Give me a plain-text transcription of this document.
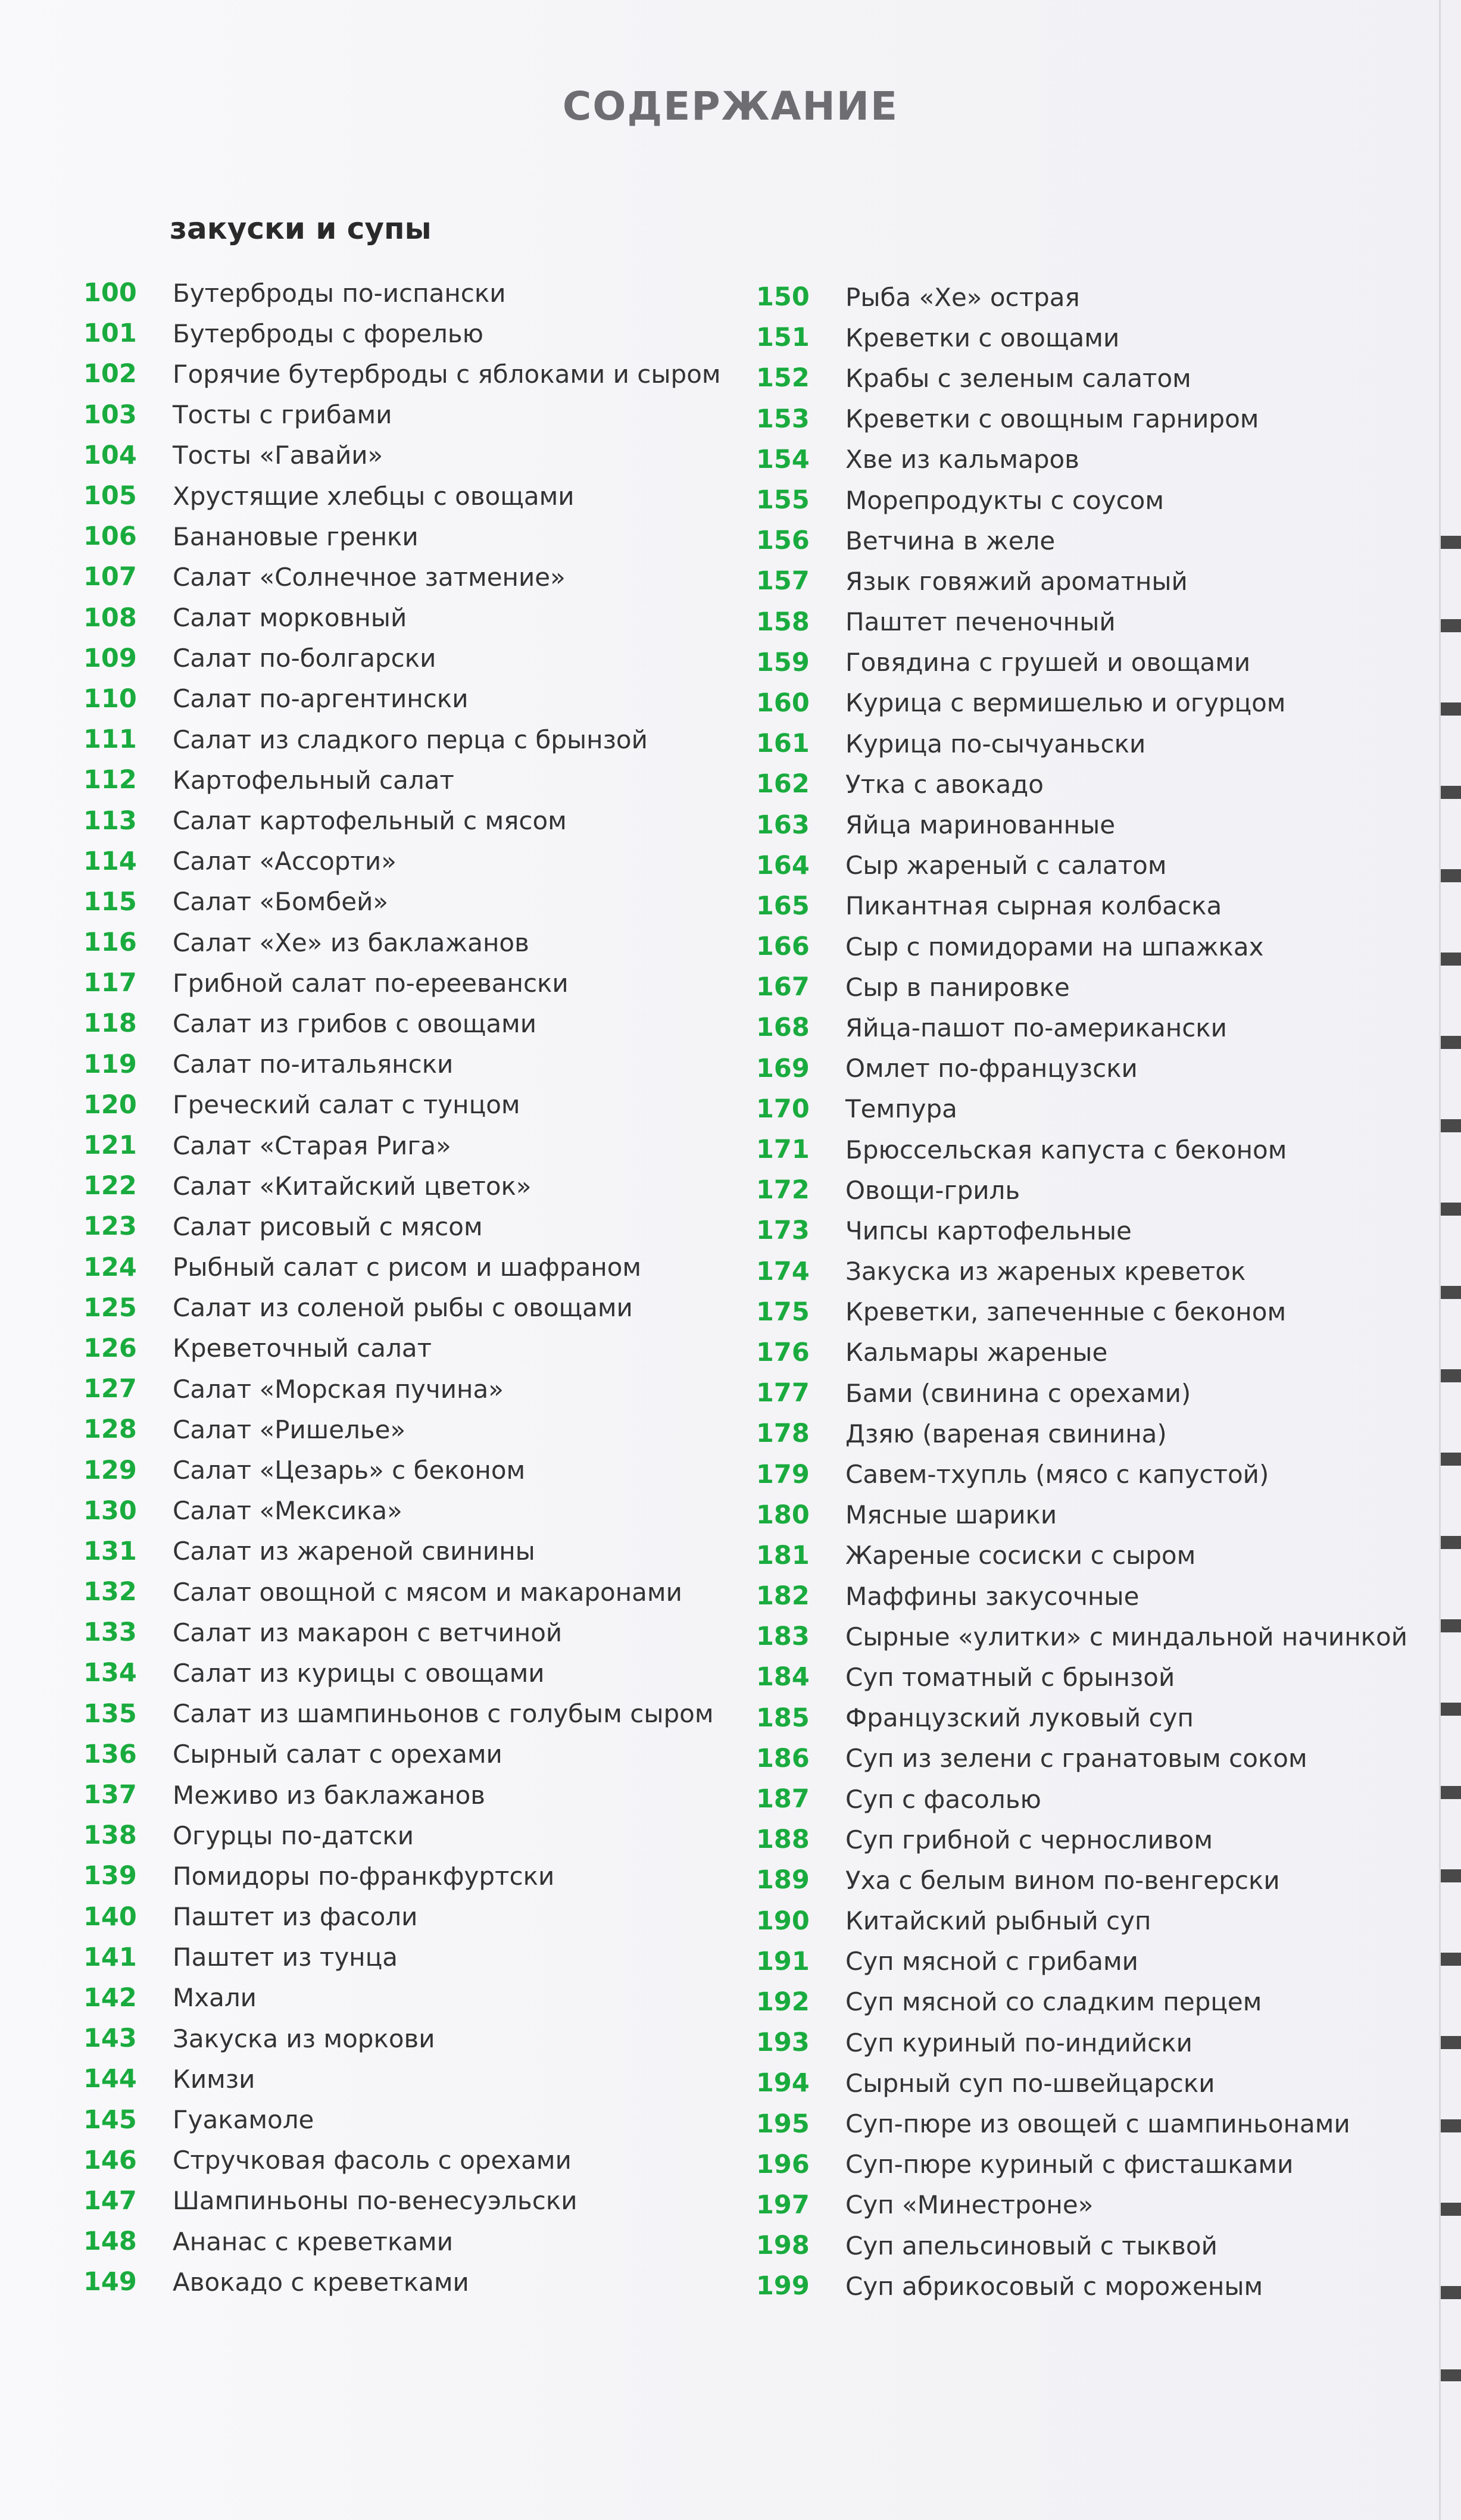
СОДЕРЖАНИЕ
закуски и супы
100	Бутерброды по-испански
101	Бутерброды с форелью
102	Горячие бутерброды с яблоками и сыром
103	Тосты с грибами
104	Тосты «Гавайи»
105	Хрустящие хлебцы с овощами
106	Банановые гренки
107	Салат «Солнечное затмение»
108	Салат морковный
109	Салат по-болгарски
110	Салат по-аргентински
111	Салат из сладкого перца с брынзой
112	Картофельный салат
113	Салат картофельный с мясом
114	Салат «Ассорти»
115	Салат «Бомбей»
116	Салат «Хе» из баклажанов
117	Грибной салат по-ереевански
118	Салат из грибов с овощами
119	Салат по-итальянски
120	Греческий салат с тунцом
121	Салат «Старая Рига»
122	Салат «Китайский цветок»
123	Салат рисовый с мясом
124	Рыбный салат с рисом и шафраном
125	Салат из соленой рыбы с овощами
126	Креветочный салат
127	Салат «Морская пучина»
128	Салат «Ришелье»
129	Салат «Цезарь» с беконом
130	Салат «Мексика»
131	Салат из жареной свинины
132	Салат овощной с мясом и макаронами
133	Салат из макарон с ветчиной
134	Салат из курицы с овощами
135	Салат из шампиньонов с голубым сыром
136	Сырный салат с орехами
137	Меживо из баклажанов
138	Огурцы по-датски
139	Помидоры по-франкфуртски
140	Паштет из фасоли
141	Паштет из тунца
142	Мхали
143	Закуска из моркови
144	Кимзи
145	Гуакамоле
146	Стручковая фасоль с орехами
147	Шампиньоны по-венесуэльски
148	Ананас с креветками
149	Авокадо с креветками
150	Рыба «Хе» острая
151	Креветки с овощами
152	Крабы с зеленым салатом
153	Креветки с овощным гарниром
154	Хве из кальмаров
155	Морепродукты с соусом
156	Ветчина в желе
157	Язык говяжий ароматный
158	Паштет печеночный
159	Говядина с грушей и овощами
160	Курица с вермишелью и огурцом
161	Курица по-сычуаньски
162	Утка с авокадо
163	Яйца маринованные
164	Сыр жареный с салатом
165	Пикантная сырная колбаска
166	Сыр с помидорами на шпажках
167	Сыр в панировке
168	Яйца-пашот по-американски
169	Омлет по-французски
170	Темпура
171	Брюссельская капуста с беконом
172	Овощи-гриль
173	Чипсы картофельные
174	Закуска из жареных креветок
175	Креветки, запеченные с беконом
176	Кальмары жареные
177	Бами (свинина с орехами)
178	Дзяю (вареная свинина)
179	Савем-тхупль (мясо с капустой)
180	Мясные шарики
181	Жареные сосиски с сыром
182	Маффины закусочные
183	Сырные «улитки» с миндальной начинкой
184	Суп томатный с брынзой
185	Французский луковый суп
186	Суп из зелени с гранатовым соком
187	Суп с фасолью
188	Суп грибной с черносливом
189	Уха с белым вином по-венгерски
190	Китайский рыбный суп
191	Суп мясной с грибами
192	Суп мясной со сладким перцем
193	Суп куриный по-индийски
194	Сырный суп по-швейцарски
195	Суп-пюре из овощей с шампиньонами
196	Суп-пюре куриный с фисташками
197	Суп «Минестроне»
198	Суп апельсиновый с тыквой
199	Суп абрикосовый с мороженым
